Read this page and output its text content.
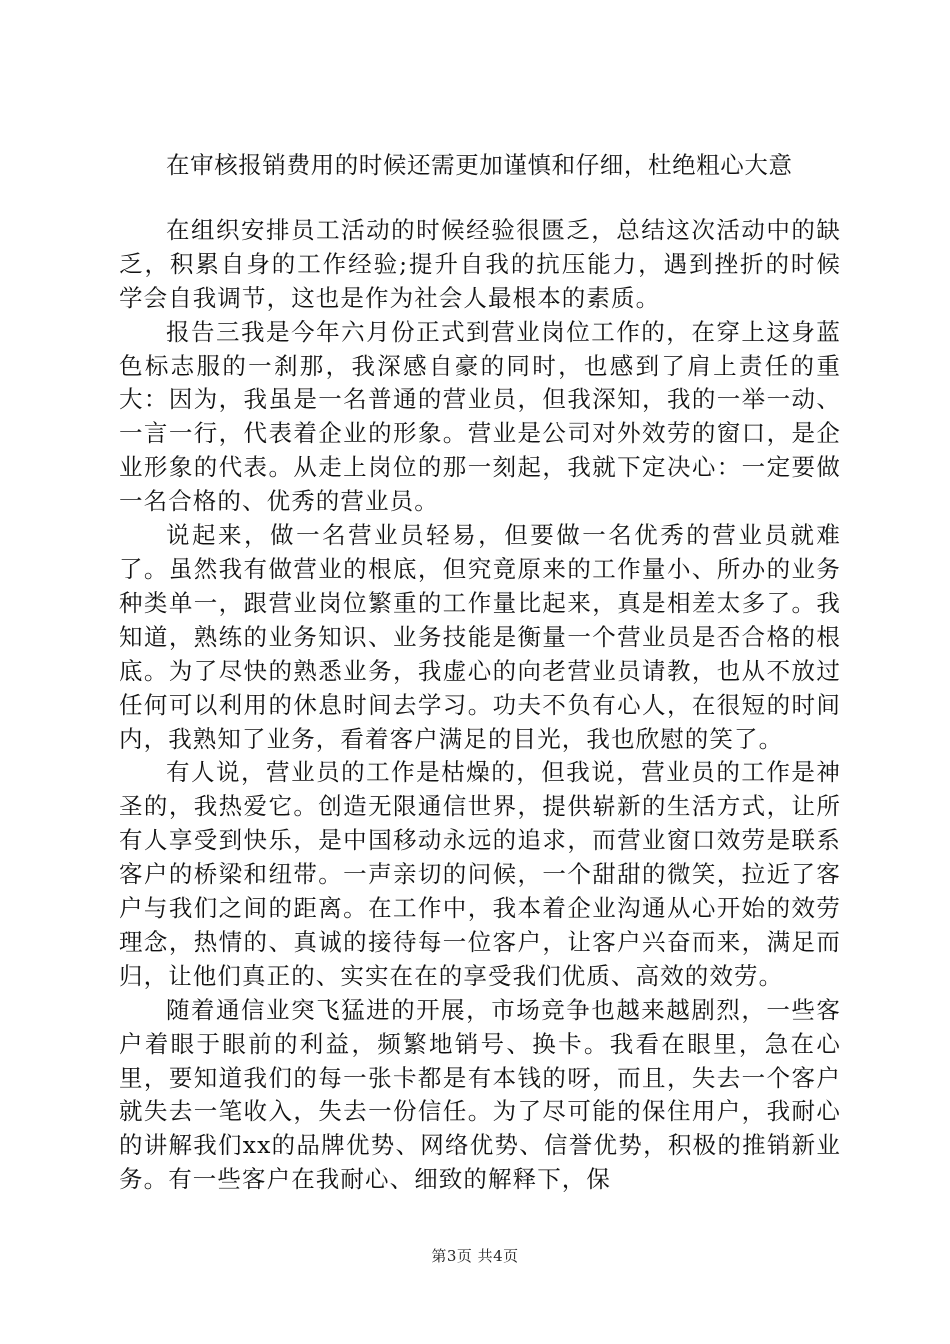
在审核报销费用的时候还需更加谨慎和仔细，杜绝粗心大意

在组织安排员工活动的时候经验很匮乏，总结这次活动中的缺乏，积累自身的工作经验;提升自我的抗压能力，遇到挫折的时候学会自我调节，这也是作为社会人最根本的素质。

报告三我是今年六月份正式到营业岗位工作的，在穿上这身蓝色标志服的一刹那，我深感自豪的同时，也感到了肩上责任的重大：因为，我虽是一名普通的营业员，但我深知，我的一举一动、一言一行，代表着企业的形象。营业是公司对外效劳的窗口，是企业形象的代表。从走上岗位的那一刻起，我就下定决心：一定要做一名合格的、优秀的营业员。

说起来，做一名营业员轻易，但要做一名优秀的营业员就难了。虽然我有做营业的根底，但究竟原来的工作量小、所办的业务种类单一，跟营业岗位繁重的工作量比起来，真是相差太多了。我知道，熟练的业务知识、业务技能是衡量一个营业员是否合格的根底。为了尽快的熟悉业务，我虚心的向老营业员请教，也从不放过任何可以利用的休息时间去学习。功夫不负有心人，在很短的时间内，我熟知了业务，看着客户满足的目光，我也欣慰的笑了。

有人说，营业员的工作是枯燥的，但我说，营业员的工作是神圣的，我热爱它。创造无限通信世界，提供崭新的生活方式，让所有人享受到快乐，是中国移动永远的追求，而营业窗口效劳是联系客户的桥梁和纽带。一声亲切的问候，一个甜甜的微笑，拉近了客户与我们之间的距离。在工作中，我本着企业沟通从心开始的效劳理念，热情的、真诚的接待每一位客户，让客户兴奋而来，满足而归，让他们真正的、实实在在的享受我们优质、高效的效劳。

随着通信业突飞猛进的开展，市场竞争也越来越剧烈，一些客户着眼于眼前的利益，频繁地销号、换卡。我看在眼里，急在心里，要知道我们的每一张卡都是有本钱的呀，而且，失去一个客户就失去一笔收入，失去一份信任。为了尽可能的保住用户，我耐心的讲解我们xx的品牌优势、网络优势、信誉优势，积极的推销新业务。有一些客户在我耐心、细致的解释下，保

第3页 共4页
